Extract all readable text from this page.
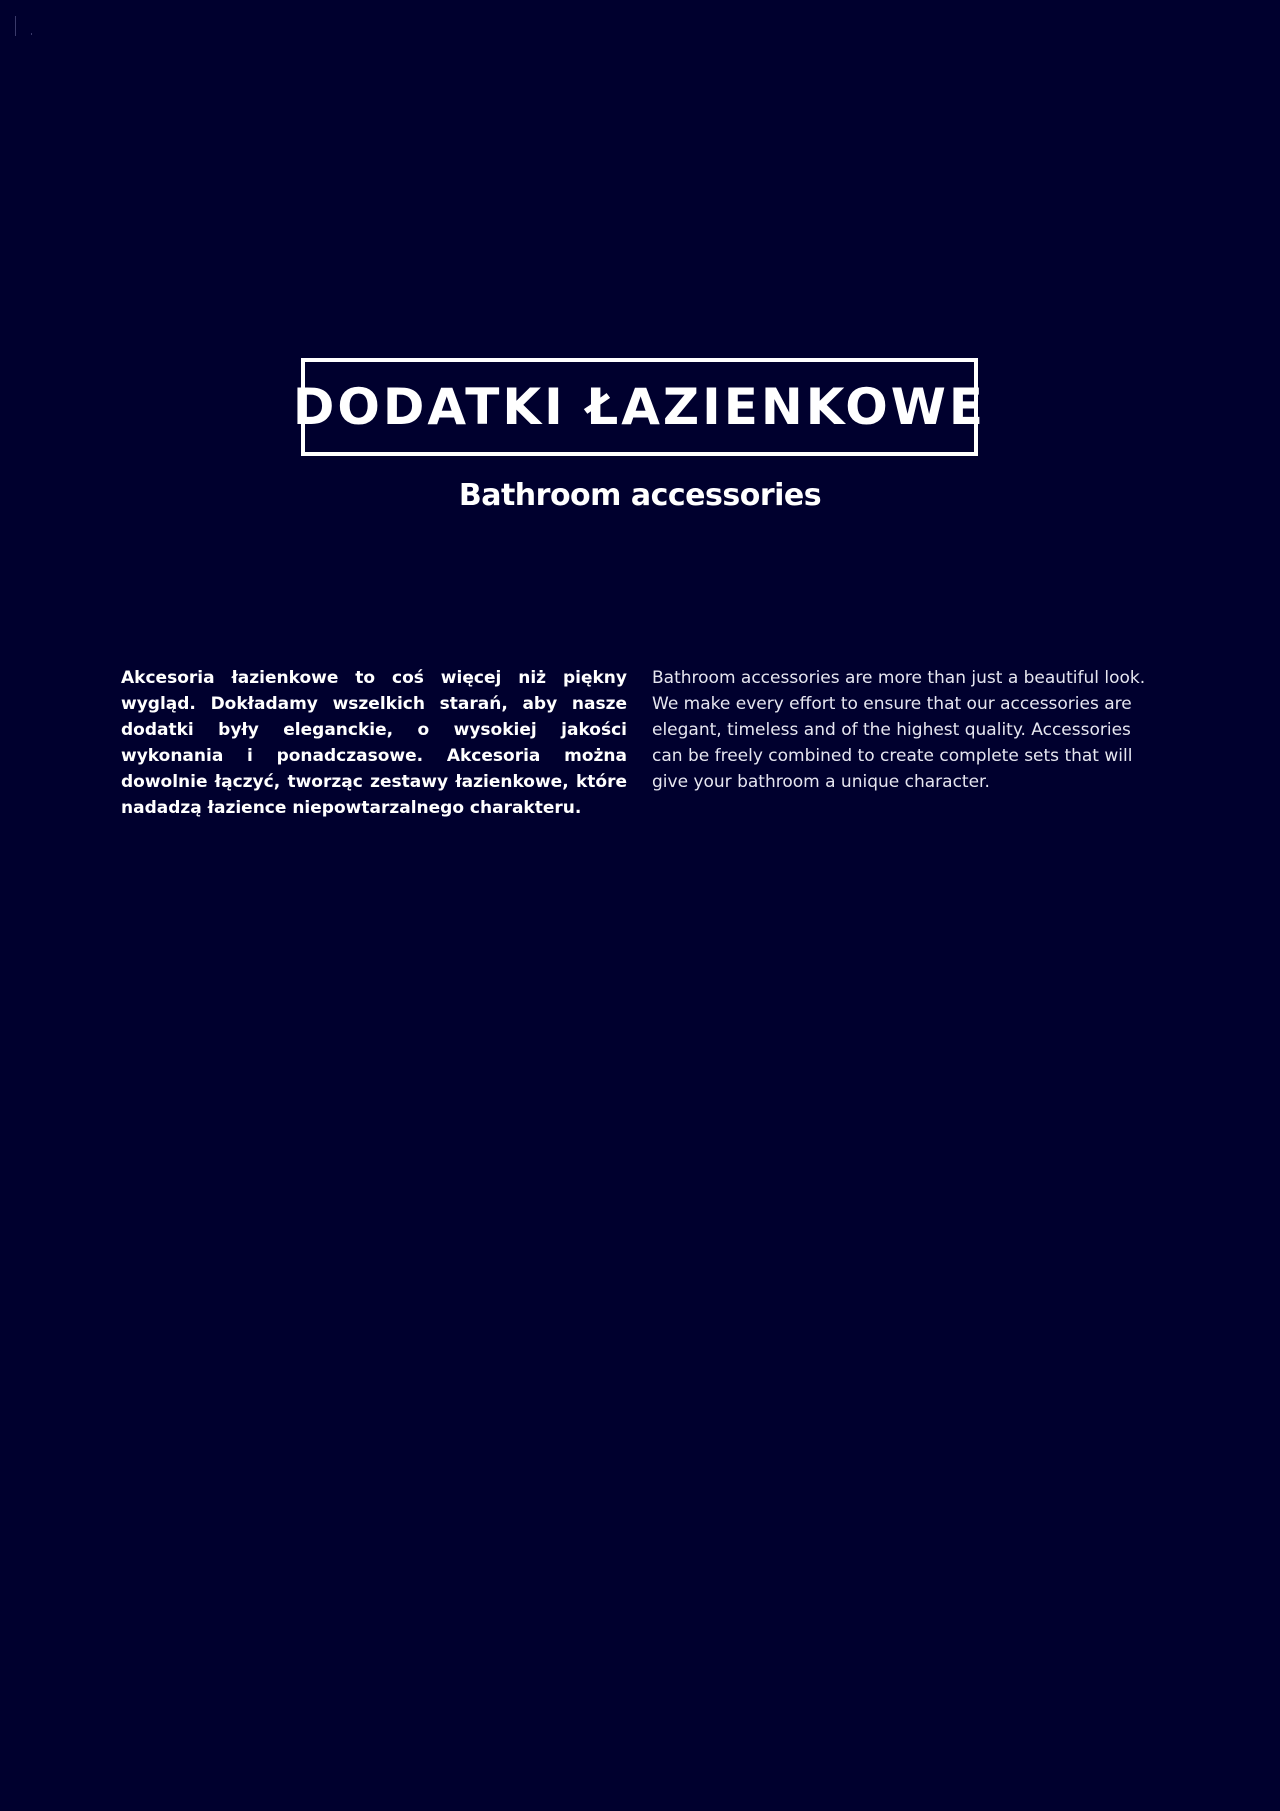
DODATKI ŁAZIENKOWE
Bathroom accessories
Akcesoria łazienkowe to coś więcej niż piękny wygląd. Dokładamy wszelkich starań, aby nasze dodatki były eleganckie, o wysokiej jakości wykonania i ponadczasowe. Akcesoria można dowolnie łączyć, tworząc zestawy łazienkowe, które nadadzą łazience niepowtarzalnego charakteru.
Bathroom accessories are more than just a beautiful look. We make every effort to ensure that our accessories are elegant, timeless and of the highest quality. Accessories can be freely combined to create complete sets that will give your bathroom a unique character.
